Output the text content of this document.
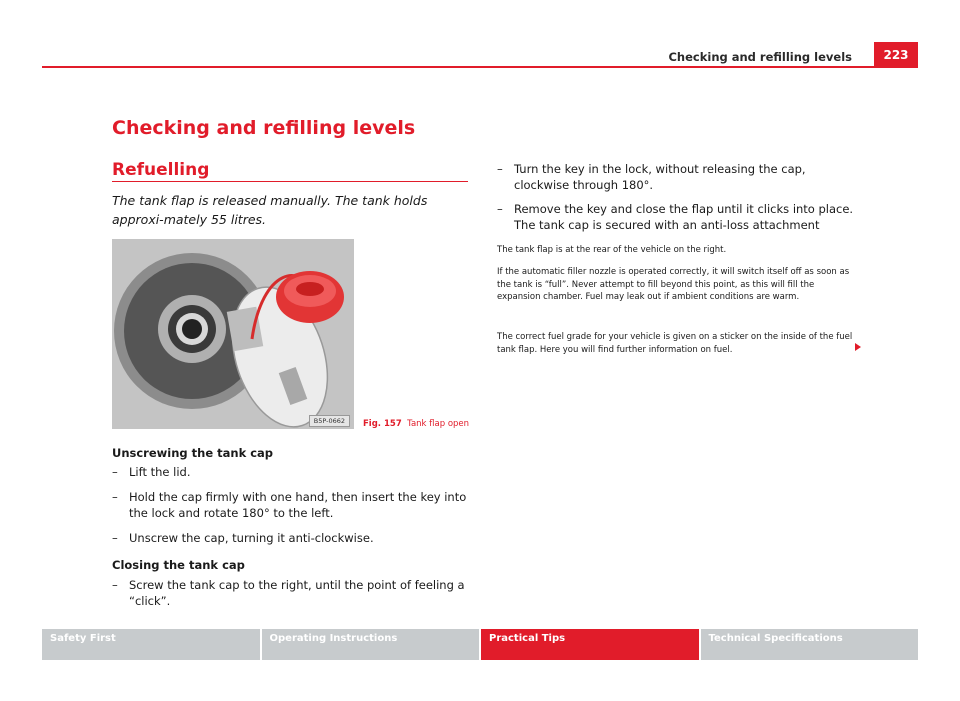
Checking and refilling levels	223
Checking and refilling levels
Refuelling

The tank flap is released manually. The tank holds approxi-mately 55 litres.

B5P-0662	Fig. 157 Tank flap open
Unscrewing the tank cap
– Lift the lid.
– Hold the cap firmly with one hand, then insert the key into the lock and rotate 180° to the left.
– Unscrew the cap, turning it anti-clockwise.
Closing the tank cap
– Screw the tank cap to the right, until the point of feeling a “click”.
– Turn the key in the lock, without releasing the cap, clockwise through 180°.
– Remove the key and close the flap until it clicks into place. The tank cap is secured with an anti-loss attachment

The tank flap is at the rear of the vehicle on the right.

If the automatic filler nozzle is operated correctly, it will switch itself off as soon as the tank is “full”. Never attempt to fill beyond this point, as this will fill the expansion chamber. Fuel may leak out if ambient conditions are warm.

The correct fuel grade for your vehicle is given on a sticker on the inside of the fuel tank flap. Here you will find further information on fuel.

Safety First	Operating Instructions	Practical Tips	Technical Specifications
